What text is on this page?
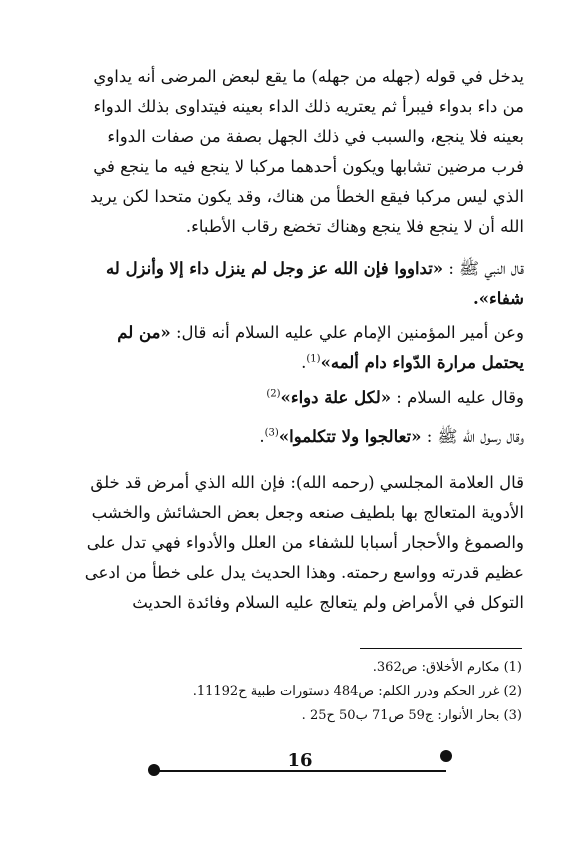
يدخل في قوله (جهله من جهله) ما يقع لبعض المرضى أنه يداوي من داء بدواء فيبرأ ثم يعتريه ذلك الداء بعينه فيتداوى بذلك الدواء بعينه فلا ينجع، والسبب في ذلك الجهل بصفة من صفات الدواء فرب مرضين تشابها ويكون أحدهما مركبا لا ينجع فيه ما ينجع في الذي ليس مركبا فيقع الخطأ من هناك، وقد يكون متحدا لكن يريد الله أن لا ينجع فلا ينجع وهناك تخضع رقاب الأطباء.

قال النبي ﷺ : «تداووا فإن الله عز وجل لم ينزل داء إلا وأنزل له شفاء».

وعن أمير المؤمنين الإمام علي عليه السلام أنه قال: «من لم يحتمل مرارة الدّواء دام ألمه»$^{(1)}$.

وقال عليه السلام : «لكل علة دواء»$^{(2)}$

وقال رسول الله ﷺ : «تعالجوا ولا تتكلموا»$^{(3)}$.

قال العلامة المجلسي (رحمه الله): فإن الله الذي أمرض قد خلق الأدوية المتعالج بها بلطيف صنعه وجعل بعض الحشائش والخشب والصموغ والأحجار أسبابا للشفاء من العلل والأدواء فهي تدل على عظيم قدرته وواسع رحمته. وهذا الحديث يدل على خطأ من ادعى التوكل في الأمراض ولم يتعالج عليه السلام وفائدة الحديث

(1) مكارم الأخلاق: ص362.
(2) غرر الحكم ودرر الكلم: ص484 دستورات طبية ح11192.
(3) بحار الأنوار: ج59 ص71 ب50 ح25 .
16
